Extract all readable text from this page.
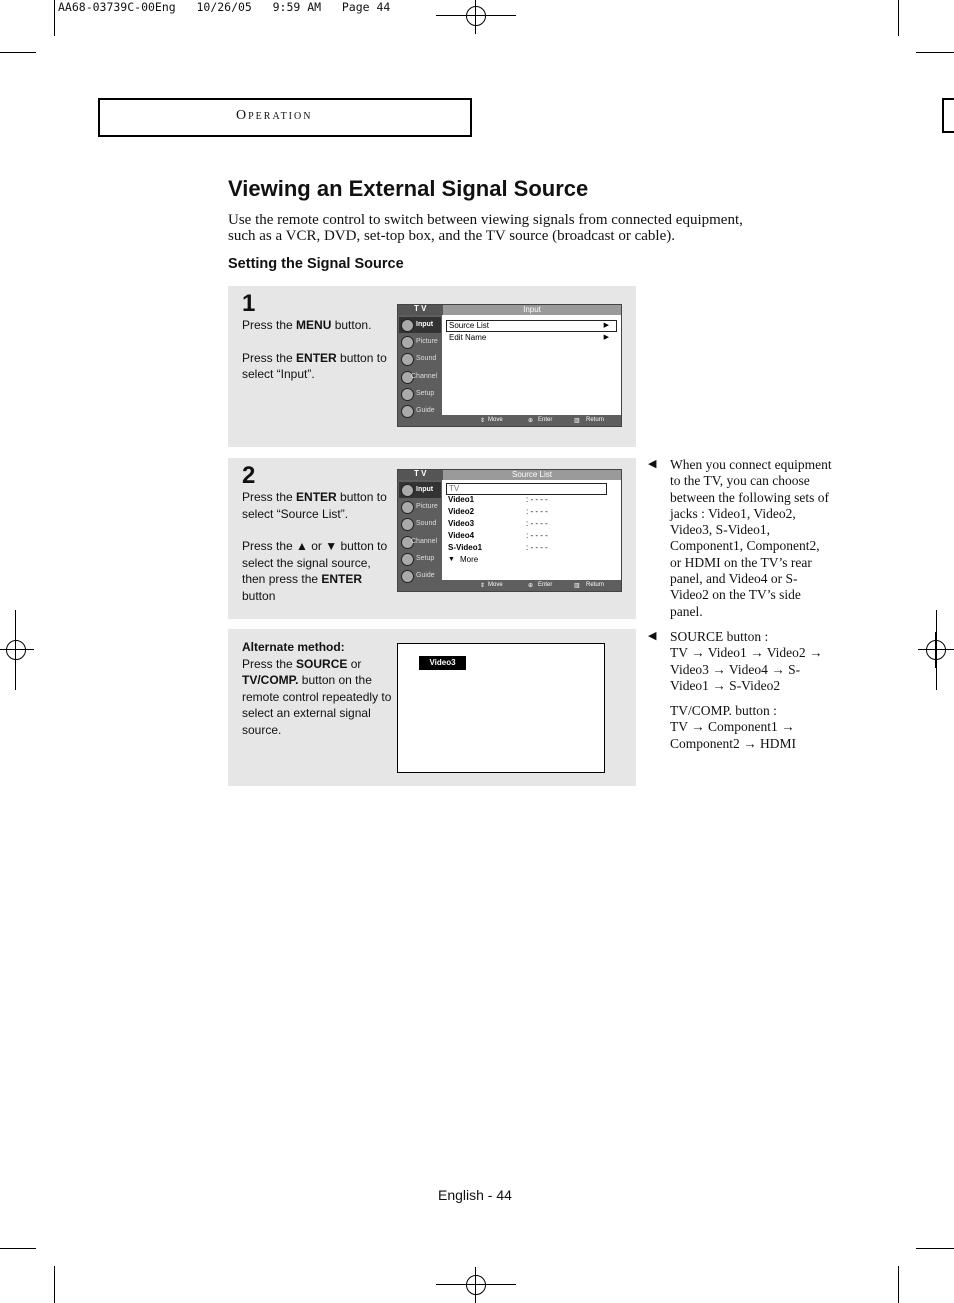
AA68-03739C-00Eng   10/26/05   9:59 AM   Page 44
Operation
Viewing an External Signal Source
Use the remote control to switch between viewing signals from connected equipment,
such as a VCR, DVD, set-top box, and the TV source (broadcast or cable).
Setting the Signal Source
1

Press the MENU button.

Press the ENTER button to select “Input”.

T V	Input
Input
Picture
Sound
Channel
Setup
Guide
Source List	▶
Edit Name	▶
⇕ Move	⊕ Enter	▥ Return
2

Press the ENTER button to select “Source List”.

Press the ▲ or ▼ button to select the signal source, then press the ENTER button

T V	Source List
Input
Picture
Sound
Channel
Setup
Guide
TV
Video1	: - - - -
Video2	: - - - -
Video3	: - - - -
Video4	: - - - -
S-Video1	: - - - -
▼ More
⇕ Move	⊕ Enter	▥ Return
Alternate method:
Press the SOURCE or TV/COMP. button on the remote control repeatedly to select an external signal source.
Video3
◀ When you connect equipment to the TV, you can choose between the following sets of jacks : Video1, Video2, Video3, S-Video1, Component1, Component2, or HDMI on the TV’s rear panel, and Video4 or S-Video2 on the TV’s side panel.
◀ SOURCE button :
TV → Video1 → Video2 → Video3 → Video4 → S-Video1 → S-Video2
TV/COMP. button :
TV → Component1 → Component2 → HDMI
English - 44
